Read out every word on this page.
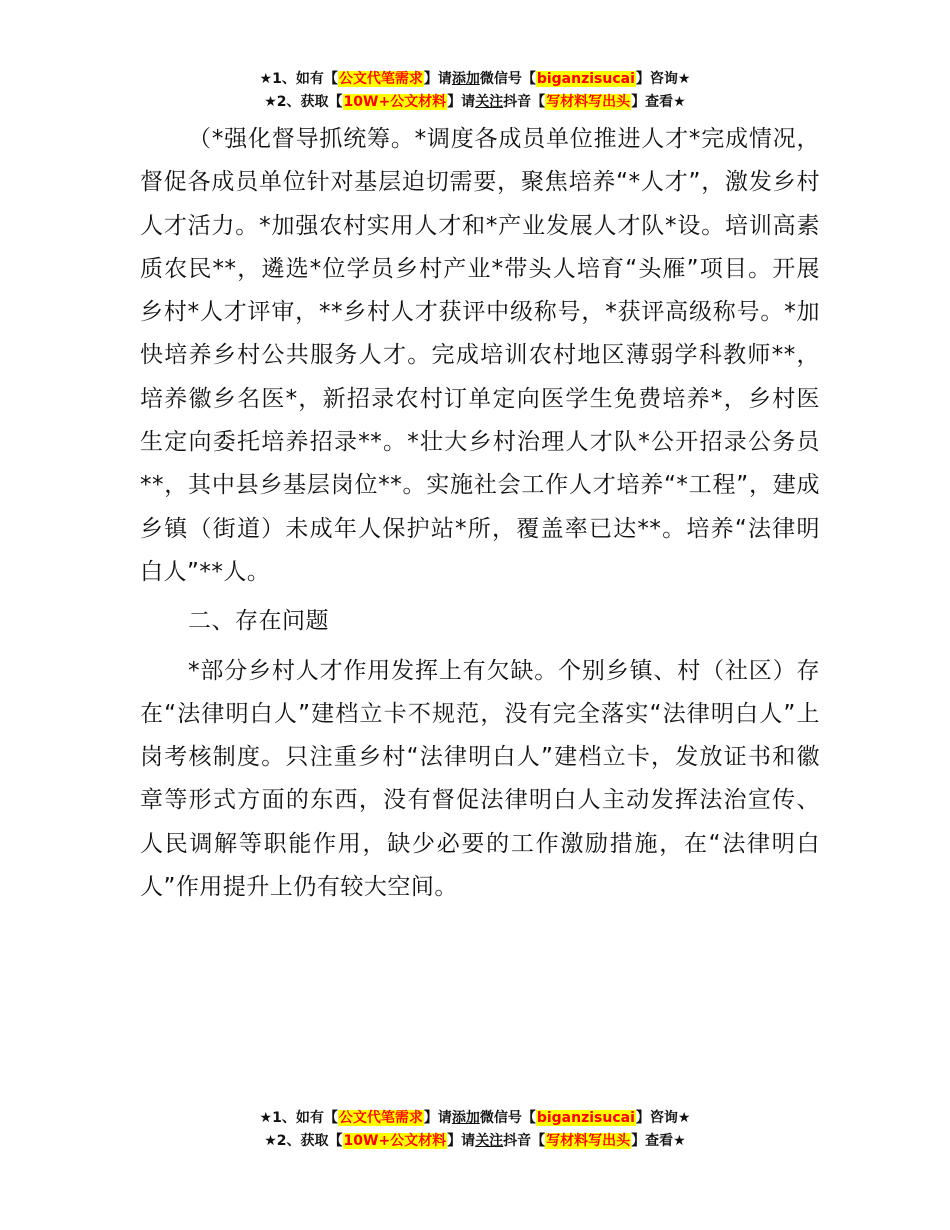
★1、如有【公文代笔需求】请添加微信号【biganzisucai】咨询★
★2、获取【10W+公文材料】请关注抖音【写材料写出头】查看★

（*强化督导抓统筹。*调度各成员单位推进人才*完成情况，督促各成员单位针对基层迫切需要，聚焦培养“*人才”，激发乡村人才活力。*加强农村实用人才和*产业发展人才队*设。培训高素质农民**，遴选*位学员乡村产业*带头人培育“头雁”项目。开展乡村*人才评审，**乡村人才获评中级称号，*获评高级称号。*加快培养乡村公共服务人才。完成培训农村地区薄弱学科教师**，培养徽乡名医*，新招录农村订单定向医学生免费培养*，乡村医生定向委托培养招录**。*壮大乡村治理人才队*公开招录公务员**，其中县乡基层岗位**。实施社会工作人才培养“*工程”，建成乡镇（街道）未成年人保护站*所，覆盖率已达**。培养“法律明白人”**人。

二、存在问题

*部分乡村人才作用发挥上有欠缺。个别乡镇、村（社区）存在“法律明白人”建档立卡不规范，没有完全落实“法律明白人”上岗考核制度。只注重乡村“法律明白人”建档立卡，发放证书和徽章等形式方面的东西，没有督促法律明白人主动发挥法治宣传、人民调解等职能作用，缺少必要的工作激励措施，在“法律明白人”作用提升上仍有较大空间。

★1、如有【公文代笔需求】请添加微信号【biganzisucai】咨询★
★2、获取【10W+公文材料】请关注抖音【写材料写出头】查看★
